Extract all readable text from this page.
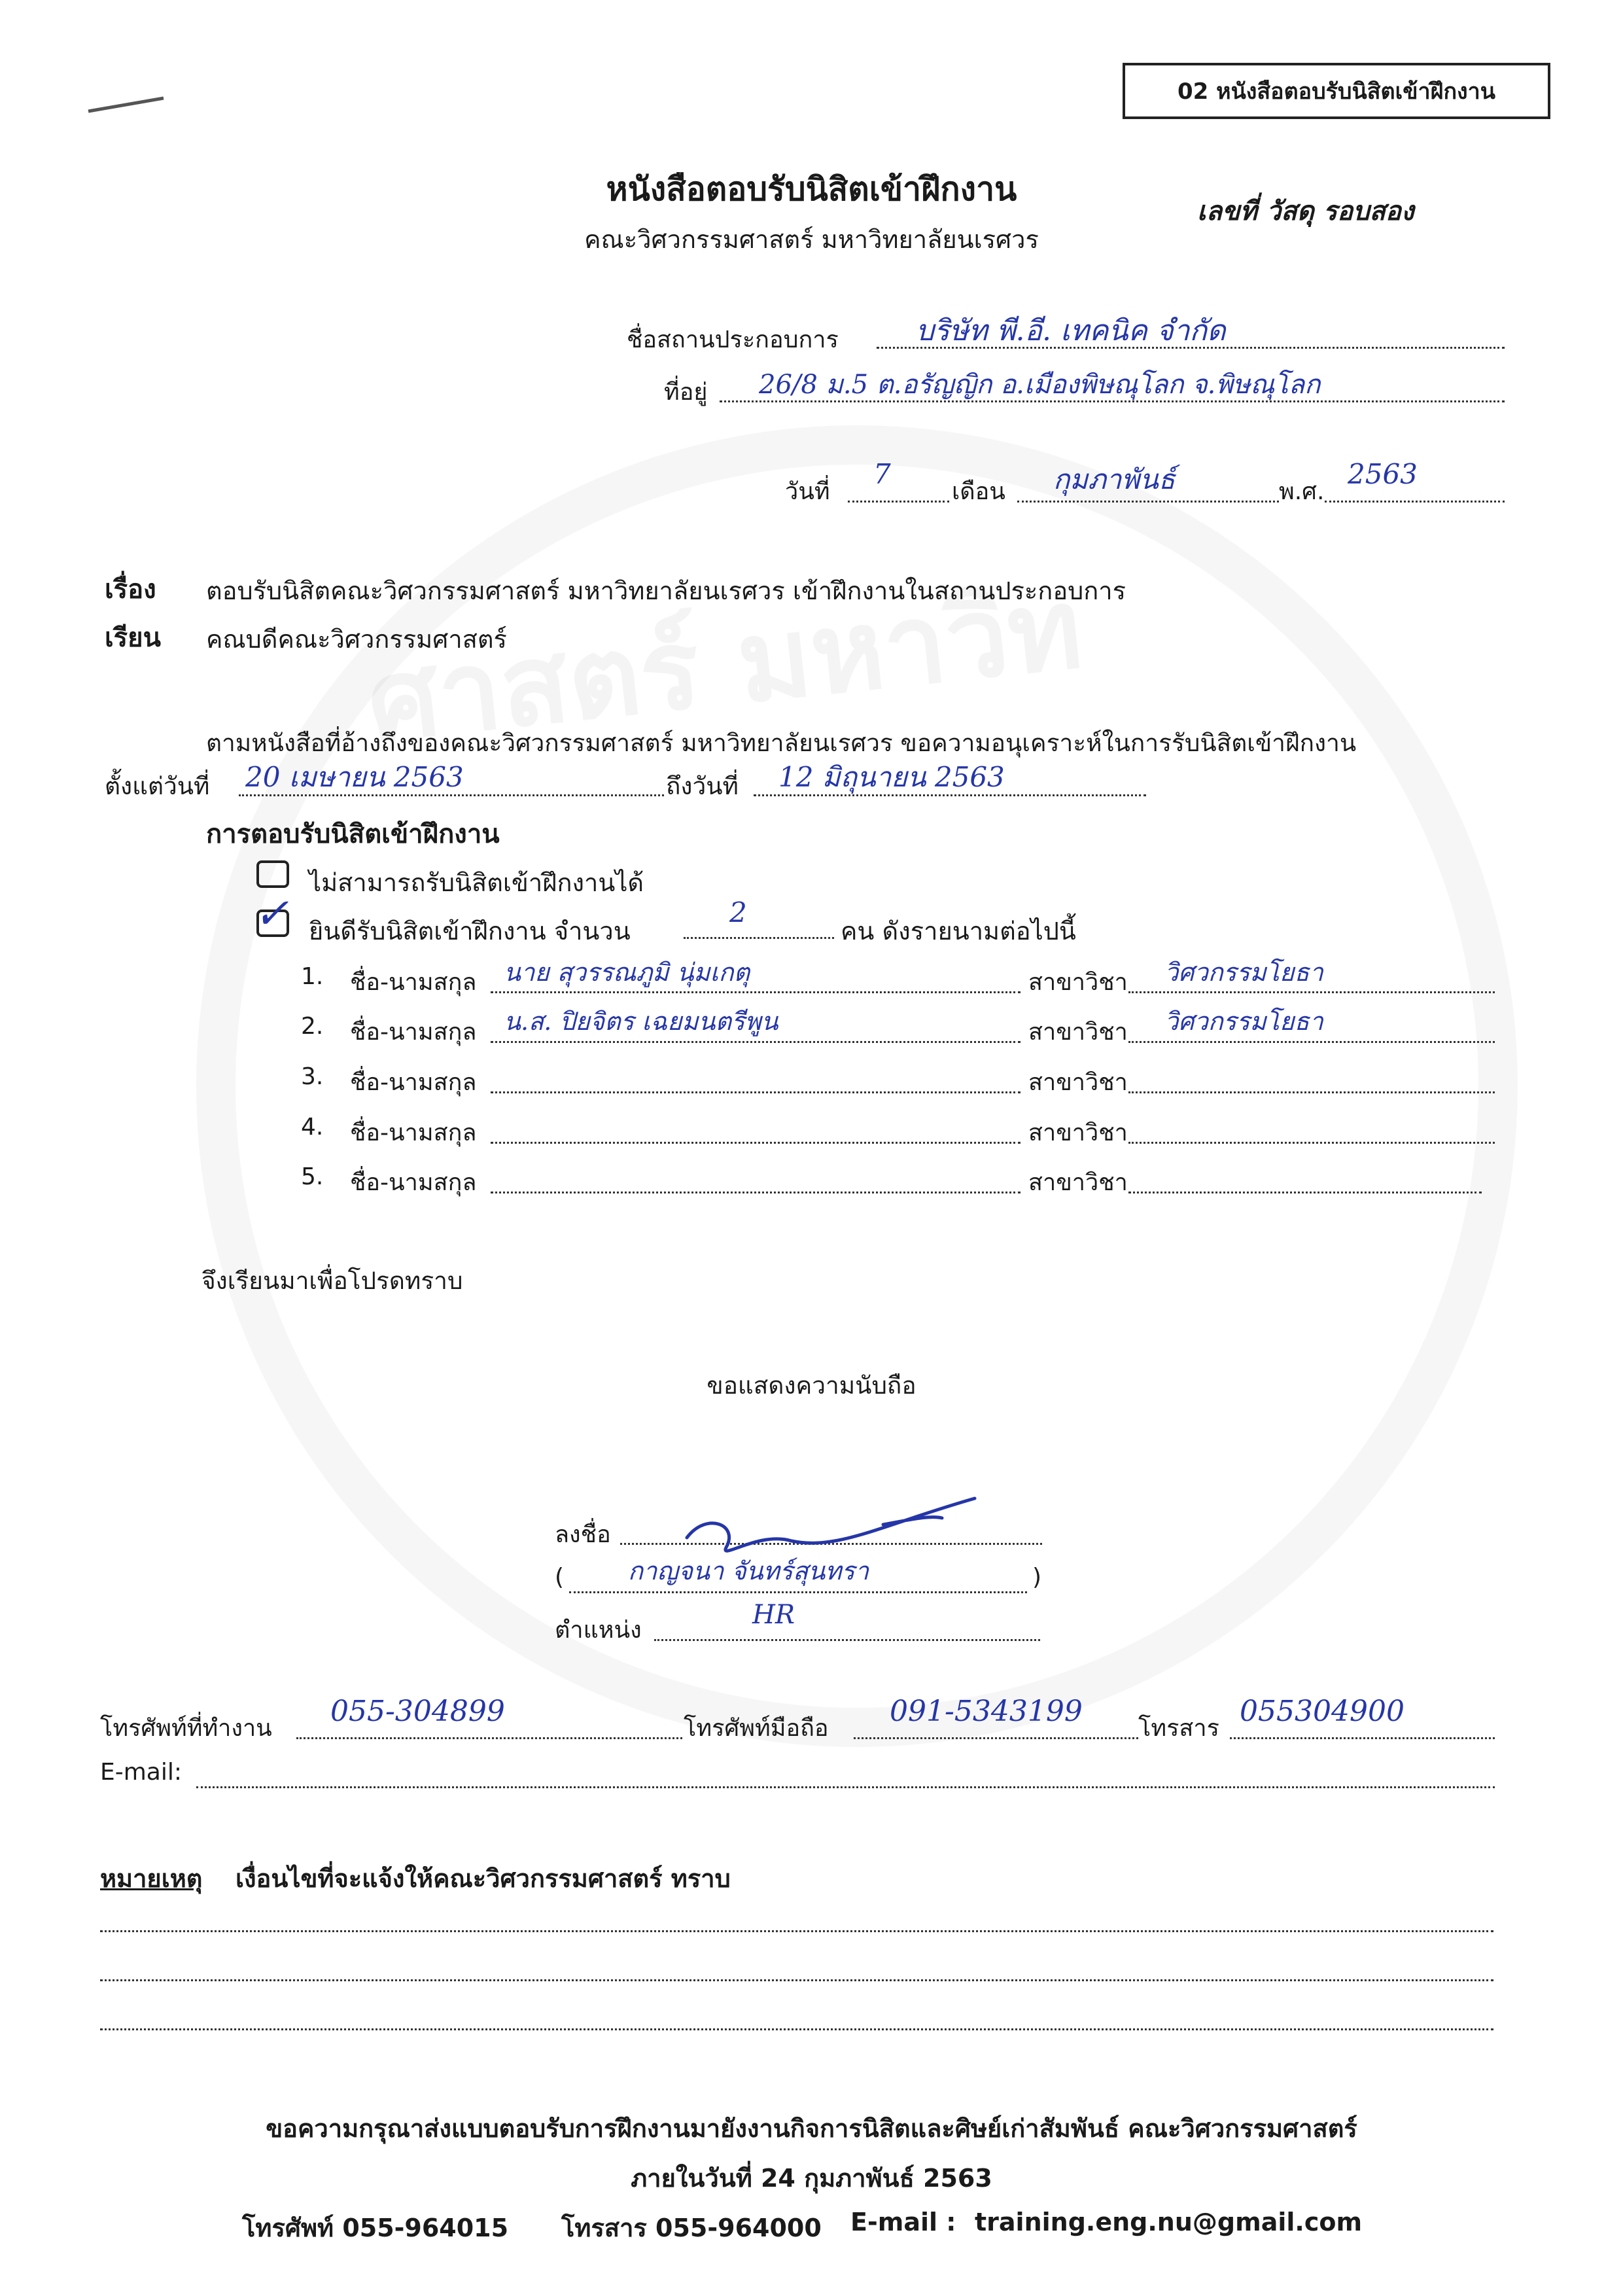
02 หนังสือตอบรับนิสิตเข้าฝึกงาน
หนังสือตอบรับนิสิตเข้าฝึกงาน
คณะวิศวกรรมศาสตร์ มหาวิทยาลัยนเรศวร
เลขที่ วัสดุ รอบสอง
ชื่อสถานประกอบการ	บริษัท พี.อี. เทคนิค จำกัด
ที่อยู่ 26/8 ม.5 ต.อรัญญิก อ.เมืองพิษณุโลก จ.พิษณุโลก
วันที่
7
เดือน กุมภาพันธ์	พ.ศ.
2563
เรื่อง ตอบรับนิสิตคณะวิศวกรรมศาสตร์ มหาวิทยาลัยนเรศวร เข้าฝึกงานในสถานประกอบการ
เรียน คณบดีคณะวิศวกรรมศาสตร์
ตามหนังสือที่อ้างถึงของคณะวิศวกรรมศาสตร์ มหาวิทยาลัยนเรศวร ขอความอนุเคราะห์ในการรับนิสิตเข้าฝึกงาน
ตั้งแต่วันที่ 20 เมษายน 2563	ถึงวันที่ 12 มิถุนายน 2563
การตอบรับนิสิตเข้าฝึกงาน
ไม่สามารถรับนิสิตเข้าฝึกงานได้
✓ ยินดีรับนิสิตเข้าฝึกงาน จำนวน
2
คน ดังรายนามต่อไปนี้
1. ชื่อ-นามสกุล นาย สุวรรณภูมิ นุ่มเกตุ	สาขาวิชา วิศวกรรมโยธา
2. ชื่อ-นามสกุล น.ส. ปิยจิตร เฉยมนตรีพูน	สาขาวิชา วิศวกรรมโยธา
3. ชื่อ-นามสกุล	สาขาวิชา
4. ชื่อ-นามสกุล	สาขาวิชา
5. ชื่อ-นามสกุล	สาขาวิชา
จึงเรียนมาเพื่อโปรดทราบ
ขอแสดงความนับถือ
ลงชื่อ
(	กาญจนา จันทร์สุนทรา	)
ตำแหน่ง
HR
โทรศัพท์ที่ทำงาน
055-304899
โทรศัพท์มือถือ
091-5343199
โทรสาร
055304900
E-mail:
หมายเหตุ เงื่อนไขที่จะแจ้งให้คณะวิศวกรรมศาสตร์ ทราบ
ขอความกรุณาส่งแบบตอบรับการฝึกงานมายังงานกิจการนิสิตและศิษย์เก่าสัมพันธ์ คณะวิศวกรรมศาสตร์
ภายในวันที่ 24 กุมภาพันธ์ 2563
โทรศัพท์ 055-964015 โทรสาร 055-964000 E-mail : training.eng.nu@gmail.com
